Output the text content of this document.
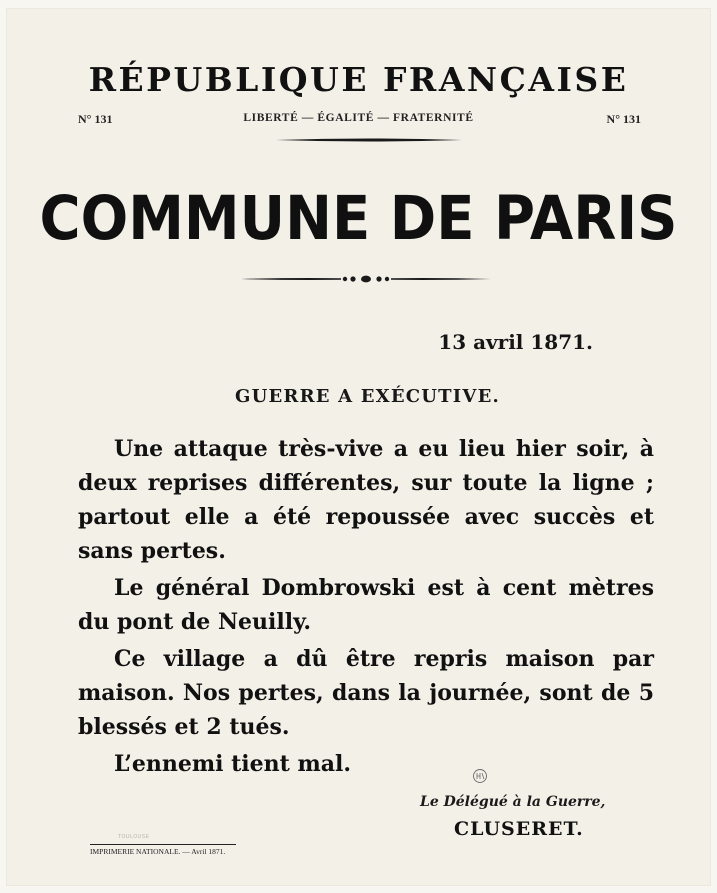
RÉPUBLIQUE FRANÇAISE
N° 131	LIBERTÉ — ÉGALITÉ — FRATERNITÉ	N° 131
COMMUNE DE PARIS
13 avril 1871.
GUERRE A EXÉCUTIVE.

Une attaque très-vive a eu lieu hier soir, à deux reprises différentes, sur toute la ligne ; partout elle a été repoussée avec succès et sans pertes.

Le général Dombrowski est à cent mètres du pont de Neuilly.

Ce village a dû être repris maison par maison. Nos pertes, dans la journée, sont de 5 blessés et 2 tués.

L’ennemi tient mal.

Le Délégué à la Guerre,
CLUSERET.
TOULOUSE
IMPRIMERIE NATIONALE. — Avril 1871.
